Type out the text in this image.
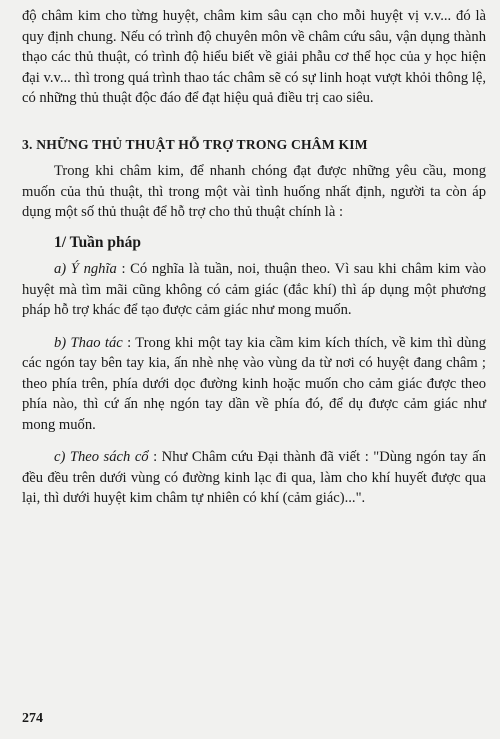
độ châm kim cho từng huyệt, châm kim sâu cạn cho mỗi huyệt vị v.v... đó là quy định chung. Nếu có trình độ chuyên môn về châm cứu sâu, vận dụng thành thạo các thủ thuật, có trình độ hiểu biết về giải phẫu cơ thể học của y học hiện đại v.v... thì trong quá trình thao tác châm sẽ có sự linh hoạt vượt khỏi thông lệ, có những thủ thuật độc đáo để đạt hiệu quả điều trị cao siêu.

3. NHỮNG THỦ THUẬT HỖ TRỢ TRONG CHÂM KIM

Trong khi châm kim, để nhanh chóng đạt được những yêu cầu, mong muốn của thủ thuật, thì trong một vài tình huống nhất định, người ta còn áp dụng một số thủ thuật để hỗ trợ cho thủ thuật chính là :

1/ Tuần pháp

a) Ý nghĩa : Có nghĩa là tuần, noi, thuận theo. Vì sau khi châm kim vào huyệt mà tìm mãi cũng không có cảm giác (đắc khí) thì áp dụng một phương pháp hỗ trợ khác để tạo được cảm giác như mong muốn.

b) Thao tác : Trong khi một tay kia cầm kim kích thích, về kim thì dùng các ngón tay bên tay kia, ấn nhè nhẹ vào vùng da từ nơi có huyệt đang châm ; theo phía trên, phía dưới dọc đường kinh hoặc muốn cho cảm giác được theo phía nào, thì cứ ấn nhẹ ngón tay dần về phía đó, để dụ được cảm giác như mong muốn.

c) Theo sách cổ : Như Châm cứu Đại thành đã viết : "Dùng ngón tay ấn đều đều trên dưới vùng có đường kinh lạc đi qua, làm cho khí huyết được qua lại, thì dưới huyệt kim châm tự nhiên có khí (cảm giác)...".

274
